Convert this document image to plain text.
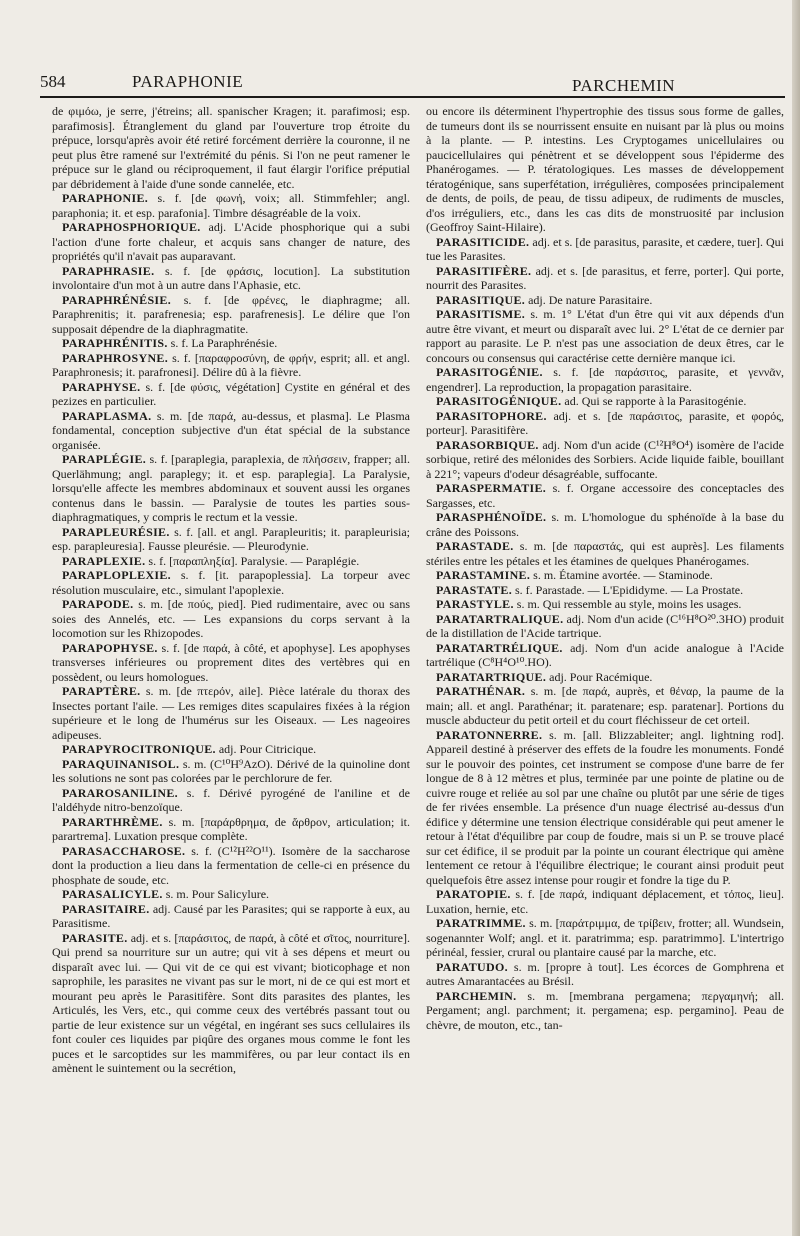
584	PARAPHONIE	PARCHEMIN

de φιμόω, je serre, j'étreins; all. spanischer Kragen; it. parafimosi; esp. parafimosis]. Étranglement du gland par l'ouverture trop étroite du prépuce, lorsqu'après avoir été retiré forcément derrière la couronne, il ne peut plus être ramené sur l'extrémité du pénis. Si l'on ne peut ramener le prépuce sur le gland ou réciproquement, il faut élargir l'orifice préputial par débridement à l'aide d'une sonde cannelée, etc.

PARAPHONIE. s. f. [de φωνή, voix; all. Stimmfehler; angl. paraphonia; it. et esp. parafonia]. Timbre désagréable de la voix.

PARAPHOSPHORIQUE. adj. L'Acide phosphorique qui a subi l'action d'une forte chaleur, et acquis sans changer de nature, des propriétés qu'il n'avait pas auparavant.

PARAPHRASIE. s. f. [de φράσις, locution]. La substitution involontaire d'un mot à un autre dans l'Aphasie, etc.

PARAPHRÉNÉSIE. s. f. [de φρένες, le diaphragme; all. Paraphrenitis; it. parafrenesia; esp. parafrenesis]. Le délire que l'on supposait dépendre de la diaphragmatite.

PARAPHRÉNITIS. s. f. La Paraphrénésie.

PARAPHROSYNE. s. f. [παραφροσύνη, de φρήν, esprit; all. et angl. Paraphronesis; it. parafronesi]. Délire dû à la fièvre.

PARAPHYSE. s. f. [de φύσις, végétation] Cystite en général et des pezizes en particulier.

PARAPLASMA. s. m. [de παρά, au-dessus, et plasma]. Le Plasma fondamental, conception subjective d'un état spécial de la substance organisée.

PARAPLÉGIE. s. f. [paraplegia, paraplexia, de πλήσσειν, frapper; all. Querlähmung; angl. paraplegy; it. et esp. paraplegia]. La Paralysie, lorsqu'elle affecte les membres abdominaux et souvent aussi les organes contenus dans le bassin. — Paralysie de toutes les parties sous-diaphragmatiques, y compris le rectum et la vessie.

PARAPLEURÉSIE. s. f. [all. et angl. Parapleuritis; it. parapleurisia; esp. parapleuresia]. Fausse pleurésie. — Pleurodynie.

PARAPLEXIE. s. f. [παραπληξία]. Paralysie. — Paraplégie.

PARAPLOPLEXIE. s. f. [it. parapoplessia]. La torpeur avec résolution musculaire, etc., simulant l'apoplexie.

PARAPODE. s. m. [de πούς, pied]. Pied rudimentaire, avec ou sans soies des Annelés, etc. — Les expansions du corps servant à la locomotion sur les Rhizopodes.

PARAPOPHYSE. s. f. [de παρά, à côté, et apophyse]. Les apophyses transverses inférieures ou proprement dites des vertèbres qui en possèdent, ou leurs homologues.

PARAPTÈRE. s. m. [de πτερόν, aile]. Pièce latérale du thorax des Insectes portant l'aile. — Les remiges dites scapulaires fixées à la région supérieure et le long de l'humérus sur les Oiseaux. — Les nageoires adipeuses.

PARAPYROCITRONIQUE. adj. Pour Citricique.

PARAQUINANISOL. s. m. (C¹⁰H⁹AzO). Dérivé de la quinoline dont les solutions ne sont pas colorées par le perchlorure de fer.

PARAROSANILINE. s. f. Dérivé pyrogéné de l'aniline et de l'aldéhyde nitro-benzoïque.

PARARTHRÈME. s. m. [παράρθρημα, de ἄρθρον, articulation; it. parartrema]. Luxation presque complète.

PARASACCHAROSE. s. f. (C¹²H²²O¹¹). Isomère de la saccharose dont la production a lieu dans la fermentation de celle-ci en présence du phosphate de soude, etc.

PARASALICYLE. s. m. Pour Salicylure.

PARASITAIRE. adj. Causé par les Parasites; qui se rapporte à eux, au Parasitisme.

PARASITE. adj. et s. [παράσιτος, de παρά, à côté et σῖτος, nourriture]. Qui prend sa nourriture sur un autre; qui vit à ses dépens et meurt ou disparaît avec lui. — Qui vit de ce qui est vivant; bioticophage et non saprophile, les parasites ne vivant pas sur le mort, ni de ce qui est mort et mourant peu après le Parasitifère. Sont dits parasites des plantes, les Articulés, les Vers, etc., qui comme ceux des vertébrés passant tout ou partie de leur existence sur un végétal, en ingérant ses sucs cellulaires ils font couler ces liquides par piqûre des organes mous comme le font les puces et le sarcoptides sur les mammifères, ou par leur contact ils en amènent le suintement ou la secrétion,

ou encore ils déterminent l'hypertrophie des tissus sous forme de galles, de tumeurs dont ils se nourrissent ensuite en nuisant par là plus ou moins à la plante. — P. intestins. Les Cryptogames unicellulaires ou paucicellulaires qui pénètrent et se développent sous l'épiderme des Phanérogames. — P. tératologiques. Les masses de développement tératogénique, sans superfétation, irrégulières, composées principalement de dents, de poils, de peau, de tissu adipeux, de rudiments de muscles, d'os irréguliers, etc., dans les cas dits de monstruosité par inclusion (Geoffroy Saint-Hilaire).

PARASITICIDE. adj. et s. [de parasitus, parasite, et cædere, tuer]. Qui tue les Parasites.

PARASITIFÈRE. adj. et s. [de parasitus, et ferre, porter]. Qui porte, nourrit des Parasites.

PARASITIQUE. adj. De nature Parasitaire.

PARASITISME. s. m. 1° L'état d'un être qui vit aux dépends d'un autre être vivant, et meurt ou disparaît avec lui. 2° L'état de ce dernier par rapport au parasite. Le P. n'est pas une association de deux êtres, car le concours ou consensus qui caractérise cette dernière manque ici.

PARASITOGÉNIE. s. f. [de παράσιτος, parasite, et γεννᾶν, engendrer]. La reproduction, la propagation parasitaire.

PARASITOGÉNIQUE. ad. Qui se rapporte à la Parasitogénie.

PARASITOPHORE. adj. et s. [de παράσιτος, parasite, et φορός, porteur]. Parasitifère.

PARASORBIQUE. adj. Nom d'un acide (C¹²H⁸O⁴) isomère de l'acide sorbique, retiré des mélonides des Sorbiers. Acide liquide faible, bouillant à 221°; vapeurs d'odeur désagréable, suffocante.

PARASPERMATIE. s. f. Organe accessoire des conceptacles des Sargasses, etc.

PARASPHÉNOÏDE. s. m. L'homologue du sphénoïde à la base du crâne des Poissons.

PARASTADE. s. m. [de παραστάς, qui est auprès]. Les filaments stériles entre les pétales et les étamines de quelques Phanérogames.

PARASTAMINE. s. m. Étamine avortée. — Staminode.

PARASTATE. s. f. Parastade. — L'Epididyme. — La Prostate.

PARASTYLE. s. m. Qui ressemble au style, moins les usages.

PARATARTRALIQUE. adj. Nom d'un acide (C¹⁶H⁸O²⁰.3HO) produit de la distillation de l'Acide tartrique.

PARATARTRÉLIQUE. adj. Nom d'un acide analogue à l'Acide tartrélique (C⁸H⁴O¹⁰.HO).

PARATARTRIQUE. adj. Pour Racémique.

PARATHÉNAR. s. m. [de παρά, auprès, et θέναρ, la paume de la main; all. et angl. Parathénar; it. paratenare; esp. paratenar]. Portions du muscle abducteur du petit orteil et du court fléchisseur de cet orteil.

PARATONNERRE. s. m. [all. Blizzableiter; angl. lightning rod]. Appareil destiné à préserver des effets de la foudre les monuments. Fondé sur le pouvoir des pointes, cet instrument se compose d'une barre de fer longue de 8 à 12 mètres et plus, terminée par une pointe de platine ou de cuivre rouge et reliée au sol par une chaîne ou plutôt par une série de tiges de fer rivées ensemble. La présence d'un nuage électrisé au-dessus d'un édifice y détermine une tension électrique considérable qui peut amener le retour à l'état d'équilibre par coup de foudre, mais si un P. se trouve placé sur cet édifice, il se produit par la pointe un courant électrique qui amène lentement ce retour à l'équilibre électrique; le courant ainsi produit peut quelquefois être assez intense pour rougir et fondre la tige du P.

PARATOPIE. s. f. [de παρά, indiquant déplacement, et τόπος, lieu]. Luxation, hernie, etc.

PARATRIMME. s. m. [παράτριμμα, de τρίβειν, frotter; all. Wundsein, sogenannter Wolf; angl. et it. paratrimma; esp. paratrimmo]. L'intertrigo périnéal, fessier, crural ou plantaire causé par la marche, etc.

PARATUDO. s. m. [propre à tout]. Les écorces de Gomphrena et autres Amarantacées au Brésil.

PARCHEMIN. s. m. [membrana pergamena; περγαμηνή; all. Pergament; angl. parchment; it. pergamena; esp. pergamino]. Peau de chèvre, de mouton, etc., tan-
